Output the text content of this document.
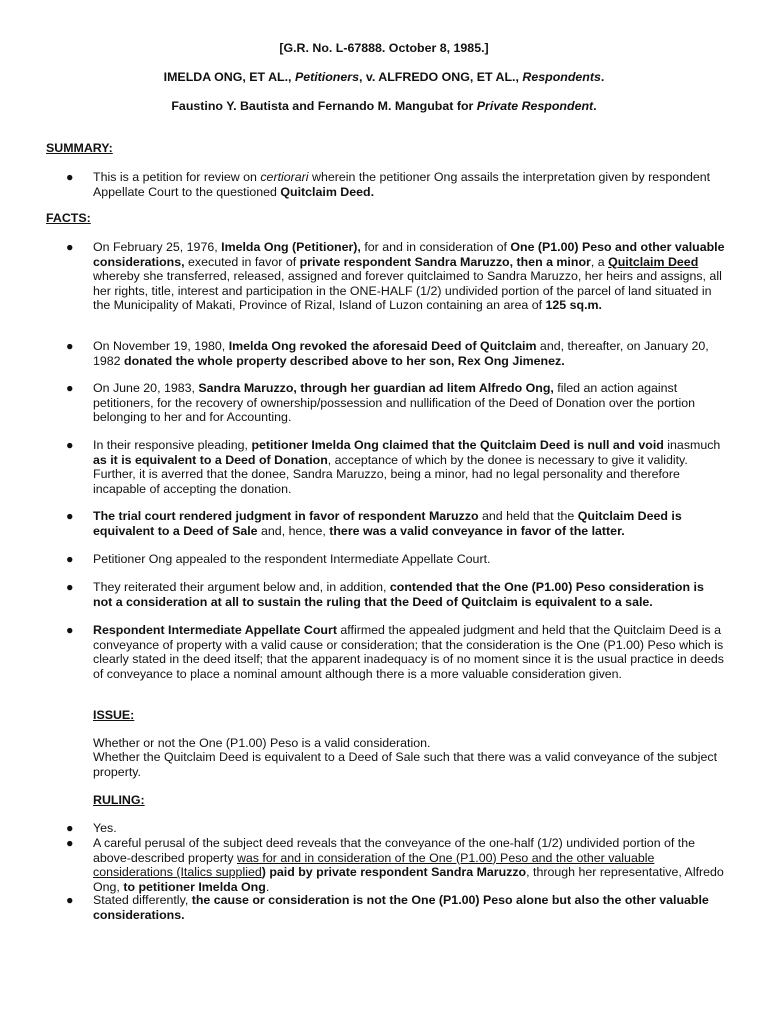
[G.R. No. L-67888. October 8, 1985.]
IMELDA ONG, ET AL., Petitioners, v. ALFREDO ONG, ET AL., Respondents.
Faustino Y. Bautista and Fernando M. Mangubat for Private Respondent.
SUMMARY:
● This is a petition for review on certiorari wherein the petitioner Ong assails the interpretation given by respondent Appellate Court to the questioned Quitclaim Deed.
FACTS:
● On February 25, 1976, Imelda Ong (Petitioner), for and in consideration of One (P1.00) Peso and other valuable considerations, executed in favor of private respondent Sandra Maruzzo, then a minor, a Quitclaim Deed whereby she transferred, released, assigned and forever quitclaimed to Sandra Maruzzo, her heirs and assigns, all her rights, title, interest and participation in the ONE-HALF (1/2) undivided portion of the parcel of land situated in the Municipality of Makati, Province of Rizal, Island of Luzon containing an area of 125 sq.m.
● On November 19, 1980, Imelda Ong revoked the aforesaid Deed of Quitclaim and, thereafter, on January 20, 1982 donated the whole property described above to her son, Rex Ong Jimenez.
● On June 20, 1983, Sandra Maruzzo, through her guardian ad litem Alfredo Ong, filed an action against petitioners, for the recovery of ownership/possession and nullification of the Deed of Donation over the portion belonging to her and for Accounting.
● In their responsive pleading, petitioner Imelda Ong claimed that the Quitclaim Deed is null and void inasmuch as it is equivalent to a Deed of Donation, acceptance of which by the donee is necessary to give it validity. Further, it is averred that the donee, Sandra Maruzzo, being a minor, had no legal personality and therefore incapable of accepting the donation.
● The trial court rendered judgment in favor of respondent Maruzzo and held that the Quitclaim Deed is equivalent to a Deed of Sale and, hence, there was a valid conveyance in favor of the latter.
● Petitioner Ong appealed to the respondent Intermediate Appellate Court.
● They reiterated their argument below and, in addition, contended that the One (P1.00) Peso consideration is not a consideration at all to sustain the ruling that the Deed of Quitclaim is equivalent to a sale.
● Respondent Intermediate Appellate Court affirmed the appealed judgment and held that the Quitclaim Deed is a conveyance of property with a valid cause or consideration; that the consideration is the One (P1.00) Peso which is clearly stated in the deed itself; that the apparent inadequacy is of no moment since it is the usual practice in deeds of conveyance to place a nominal amount although there is a more valuable consideration given.
ISSUE:
Whether or not the One (P1.00) Peso is a valid consideration.
Whether the Quitclaim Deed is equivalent to a Deed of Sale such that there was a valid conveyance of the subject property.
RULING:
● Yes.
● A careful perusal of the subject deed reveals that the conveyance of the one-half (1/2) undivided portion of the above-described property was for and in consideration of the One (P1.00) Peso and the other valuable considerations (Italics supplied) paid by private respondent Sandra Maruzzo, through her representative, Alfredo Ong, to petitioner Imelda Ong.
● Stated differently, the cause or consideration is not the One (P1.00) Peso alone but also the other valuable considerations.
